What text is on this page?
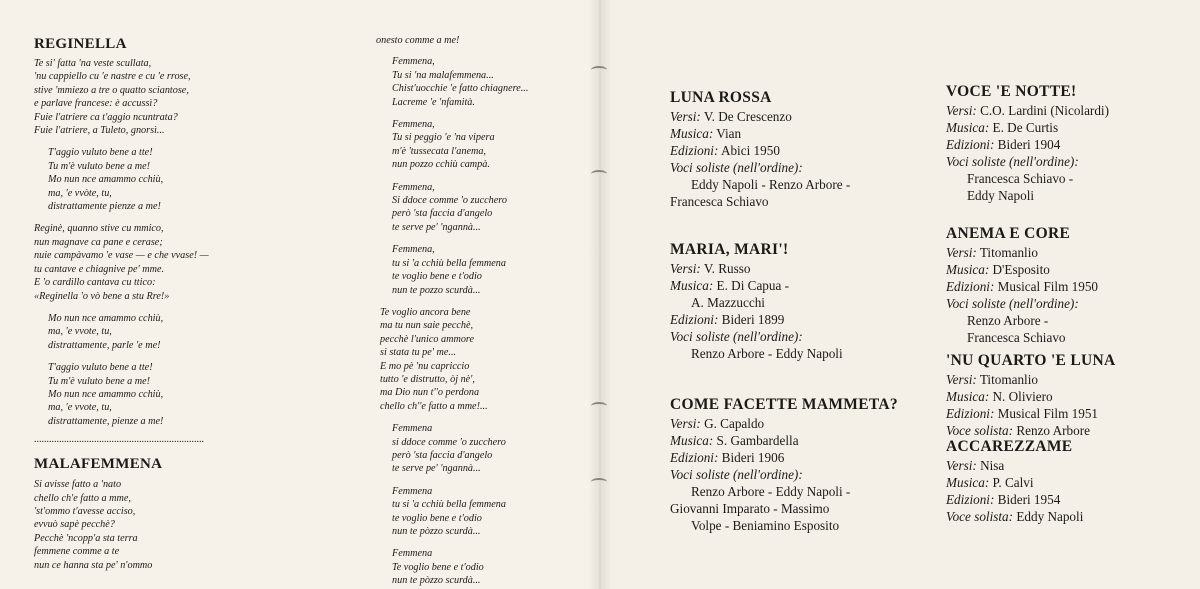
REGINELLA

Te si' fatta 'na veste scullata,
'nu cappiello cu 'e nastre e cu 'e rrose,
stive 'mmiezo a tre o quatto sciantose,
e parlave francese: è accussì?
Fuie l'atriere ca t'aggio ncuntrata?
Fuie l'atriere, a Tuleto, gnorsì...

T'aggio vuluto bene a tte!
Tu m'è vuluto bene a me!
Mo nun nce amammo cchiù,
ma, 'e vvòte, tu,
distrattamente pienze a me!

Reginè, quanno stive cu mmico,
nun magnave ca pane e cerase;
nuie campàvamo 'e vase — e che vvase! —
tu cantave e chiagnive pe' mme.
E 'o cardillo cantava cu ttico:
«Reginella 'o vò bene a stu Rre!»

Mo nun nce amammo cchiù,
ma, 'e vvote, tu,
distrattamente, parle 'e me!

T'aggio vuluto bene a tte!
Tu m'è vuluto bene a me!
Mo nun nce amammo cchiù,
ma, 'e vvote, tu,
distrattamente, pienze a me!

....................................................................

MALAFEMMENA

Si avisse fatto a 'nato
chello ch'e fatto a mme,
'st'ommo t'avesse acciso,
evvuò sapè pecchè?
Pecchè 'ncopp'a sta terra
femmene comme a te
nun ce hanna sta pe' n'ommo

onesto comme a me!

Femmena,
Tu si 'na malafemmena...
Chist'uocchie 'e fatto chiagnere...
Lacreme 'e 'nfamità.

Femmena,
Tu si peggio 'e 'na vipera
m'è 'tussecata l'anema,
nun pozzo cchiù campà.

Femmena,
Si ddoce comme 'o zucchero
però 'sta faccia d'angelo
te serve pe' 'ngannà...

Femmena,
tu si 'a cchiù bella femmena
te voglio bene e t'odio
nun te pozzo scurdà...

Te voglio ancora bene
ma tu nun saie pecchè,
pecchè l'unico ammore
si stata tu pe' me...
E mo pè 'nu capriccio
tutto 'e distrutto, òj nè',
ma Dio nun t''o perdona
chello ch''e fatto a mme!...

Femmena
si ddoce comme 'o zucchero
però 'sta faccia d'angelo
te serve pe' 'ngannà...

Femmena
tu si 'a cchiù bella femmena
te voglio bene e t'odio
nun te pòzzo scurdà...

Femmena
Te voglio bene e t'odio
nun te pòzzo scurdà...

LUNA ROSSA
Versi: V. De Crescenzo
Musica: Vian
Edizioni: Abici 1950
Voci soliste (nell'ordine):
Eddy Napoli - Renzo Arbore -
Francesca Schiavo
MARIA, MARI'!
Versi: V. Russo
Musica: E. Di Capua -
A. Mazzucchi
Edizioni: Bideri 1899
Voci soliste (nell'ordine):
Renzo Arbore - Eddy Napoli
COME FACETTE MAMMETA?
Versi: G. Capaldo
Musica: S. Gambardella
Edizioni: Bideri 1906
Voci soliste (nell'ordine):
Renzo Arbore - Eddy Napoli -
Giovanni Imparato - Massimo
Volpe - Beniamino Esposito
VOCE 'E NOTTE!
Versi: C.O. Lardini (Nicolardi)
Musica: E. De Curtis
Edizioni: Bideri 1904
Voci soliste (nell'ordine):
Francesca Schiavo -
Eddy Napoli
ANEMA E CORE
Versi: Titomanlio
Musica: D'Esposito
Edizioni: Musical Film 1950
Voci soliste (nell'ordine):
Renzo Arbore -
Francesca Schiavo
'NU QUARTO 'E LUNA
Versi: Titomanlio
Musica: N. Oliviero
Edizioni: Musical Film 1951
Voce solista: Renzo Arbore
ACCAREZZAME
Versi: Nisa
Musica: P. Calvi
Edizioni: Bideri 1954
Voce solista: Eddy Napoli
